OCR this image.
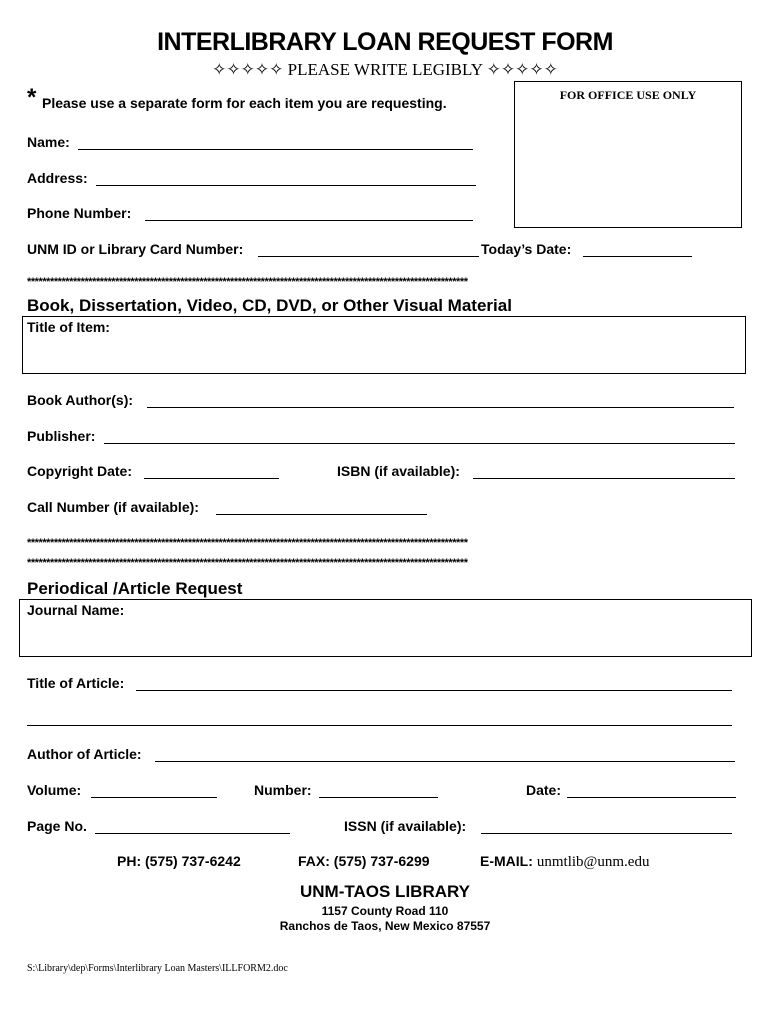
INTERLIBRARY LOAN REQUEST FORM
✧✧✧✧✧ PLEASE WRITE LEGIBLY ✧✧✧✧✧
* Please use a separate form for each item you are requesting.	FOR OFFICE USE ONLY
Name:
Address:
Phone Number:
UNM ID or Library Card Number:	Today’s Date:
*******************************************************************************************************************
Book, Dissertation, Video, CD, DVD, or Other Visual Material
Title of Item:
Book Author(s):
Publisher:
Copyright Date:	ISBN (if available):
Call Number (if available):
*******************************************************************************************************************
*******************************************************************************************************************
Periodical /Article Request
Journal Name:
Title of Article:
Author of Article:
Volume:	Number:	Date:
Page No.	ISSN (if available):
PH: (575) 737-6242	FAX: (575) 737-6299	E-MAIL: unmtlib@unm.edu
UNM-TAOS LIBRARY
1157 County Road 110
Ranchos de Taos, New Mexico 87557
S:\Library\dep\Forms\Interlibrary Loan Masters\ILLFORM2.doc
